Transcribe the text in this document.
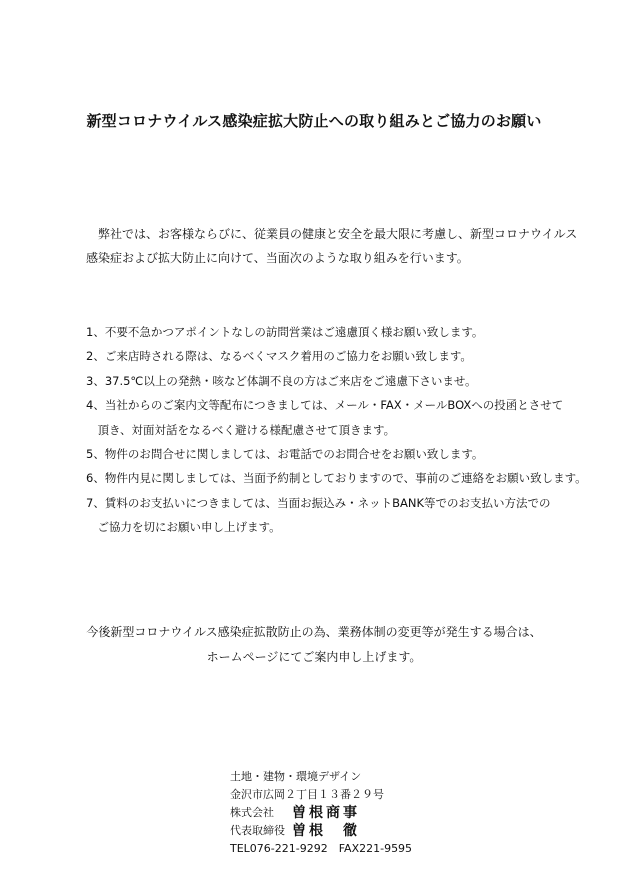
新型コロナウイルス感染症拡大防止への取り組みとご協力のお願い
　弊社では、お客様ならびに、従業員の健康と安全を最大限に考慮し、新型コロナウイルス
感染症および拡大防止に向けて、当面次のような取り組みを行います。
1、不要不急かつアポイントなしの訪問営業はご遠慮頂く様お願い致します。
2、ご来店時される際は、なるべくマスク着用のご協力をお願い致します。
3、37.5℃以上の発熱・咳など体調不良の方はご来店をご遠慮下さいませ。
4、当社からのご案内文等配布につきましては、メール・FAX・メールBOXへの投函とさせて
　頂き、対面対話をなるべく避ける様配慮させて頂きます。
5、物件のお問合せに関しましては、お電話でのお問合せをお願い致します。
6、物件内見に関しましては、当面予約制としておりますので、事前のご連絡をお願い致します。
7、賃料のお支払いにつきましては、当面お振込み・ネットBANK等でのお支払い方法での
　ご協力を切にお願い申し上げます。
今後新型コロナウイルス感染症拡散防止の為、業務体制の変更等が発生する場合は、
ホームページにてご案内申し上げます。
土地・建物・環境デザイン
金沢市広岡２丁目１３番２９号
株式会社	曽根商事
代表取締役 曽根　徹
TEL076-221-9292　FAX221-9595
